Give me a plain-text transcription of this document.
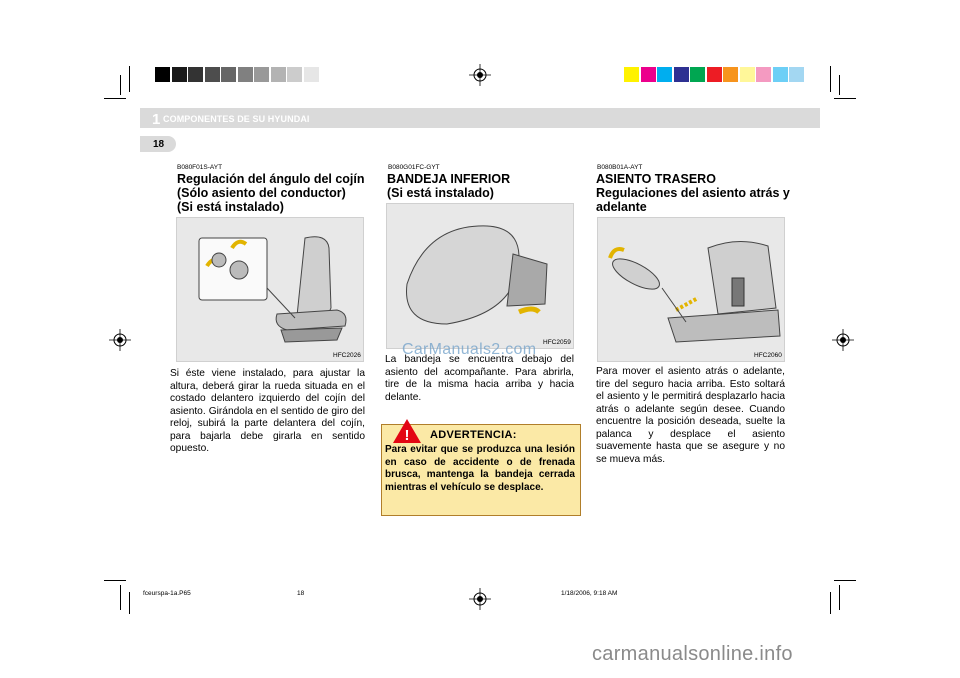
1 COMPONENTES DE SU HYUNDAI
18
B080F01S-AYT
Regulación del ángulo del cojín
(Sólo asiento del conductor)
(Si está instalado)
HFC2026
Si éste viene instalado, para ajustar la altura, deberá girar la rueda situada en el costado delantero izquierdo del cojín del asiento. Girándola en el sentido de giro del reloj, subirá la parte delantera del cojín, para bajarla debe girarla en sentido opuesto.
B080G01FC-GYT
BANDEJA INFERIOR
(Si está instalado)
HFC2059
La bandeja se encuentra debajo del asiento del acompañante. Para abrirla, tire de la misma hacia arriba y hacia delante.
! ADVERTENCIA:
Para evitar que se produzca una lesión en caso de accidente o de frenada brusca, mantenga la bandeja cerrada mientras el vehículo se desplace.
B080B01A-AYT
ASIENTO TRASERO
Regulaciones del asiento atrás y
adelante
HFC2060
Para mover el asiento atrás o adelante, tire del seguro hacia arriba. Esto soltará el asiento y le permitirá desplazarlo hacia atrás o adelante según desee. Cuando encuentre la posición deseada, suelte la palanca y desplace el asiento suavemente hasta que se asegure y no se mueva más.
fceurspa-1a.P65	18	1/18/2006, 9:18 AM
CarManuals2.com
carmanualsonline.info
